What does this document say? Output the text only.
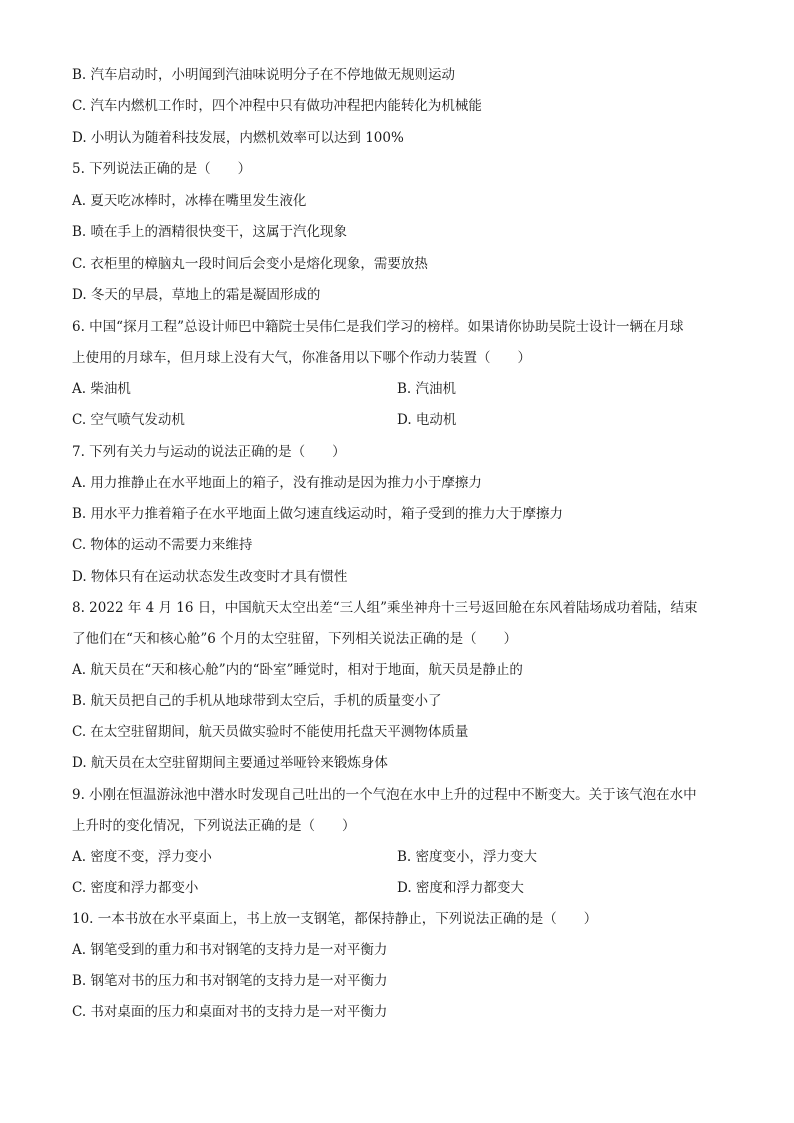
B. 汽车启动时，小明闻到汽油味说明分子在不停地做无规则运动
C. 汽车内燃机工作时，四个冲程中只有做功冲程把内能转化为机械能
D. 小明认为随着科技发展，内燃机效率可以达到 100%
5. 下列说法正确的是（　　）
A. 夏天吃冰棒时，冰棒在嘴里发生液化
B. 喷在手上的酒精很快变干，这属于汽化现象
C. 衣柜里的樟脑丸一段时间后会变小是熔化现象，需要放热
D. 冬天的早晨，草地上的霜是凝固形成的
6. 中国“探月工程”总设计师巴中籍院士吴伟仁是我们学习的榜样。如果请你协助吴院士设计一辆在月球
上使用的月球车，但月球上没有大气，你准备用以下哪个作动力装置（　　）
A. 柴油机	B. 汽油机
C. 空气喷气发动机	D. 电动机
7. 下列有关力与运动的说法正确的是（　　）
A. 用力推静止在水平地面上的箱子，没有推动是因为推力小于摩擦力
B. 用水平力推着箱子在水平地面上做匀速直线运动时，箱子受到的推力大于摩擦力
C. 物体的运动不需要力来维持
D. 物体只有在运动状态发生改变时才具有惯性
8. 2022 年 4 月 16 日，中国航天太空出差“三人组”乘坐神舟十三号返回舱在东风着陆场成功着陆，结束
了他们在“天和核心舱”6 个月的太空驻留，下列相关说法正确的是（　　）
A. 航天员在“天和核心舱”内的“卧室”睡觉时，相对于地面，航天员是静止的
B. 航天员把自己的手机从地球带到太空后，手机的质量变小了
C. 在太空驻留期间，航天员做实验时不能使用托盘天平测物体质量
D. 航天员在太空驻留期间主要通过举哑铃来锻炼身体
9. 小刚在恒温游泳池中潜水时发现自己吐出的一个气泡在水中上升的过程中不断变大。关于该气泡在水中
上升时的变化情况，下列说法正确的是（　　）
A. 密度不变，浮力变小	B. 密度变小，浮力变大
C. 密度和浮力都变小	D. 密度和浮力都变大
10. 一本书放在水平桌面上，书上放一支钢笔，都保持静止，下列说法正确的是（　　）
A. 钢笔受到的重力和书对钢笔的支持力是一对平衡力
B. 钢笔对书的压力和书对钢笔的支持力是一对平衡力
C. 书对桌面的压力和桌面对书的支持力是一对平衡力
